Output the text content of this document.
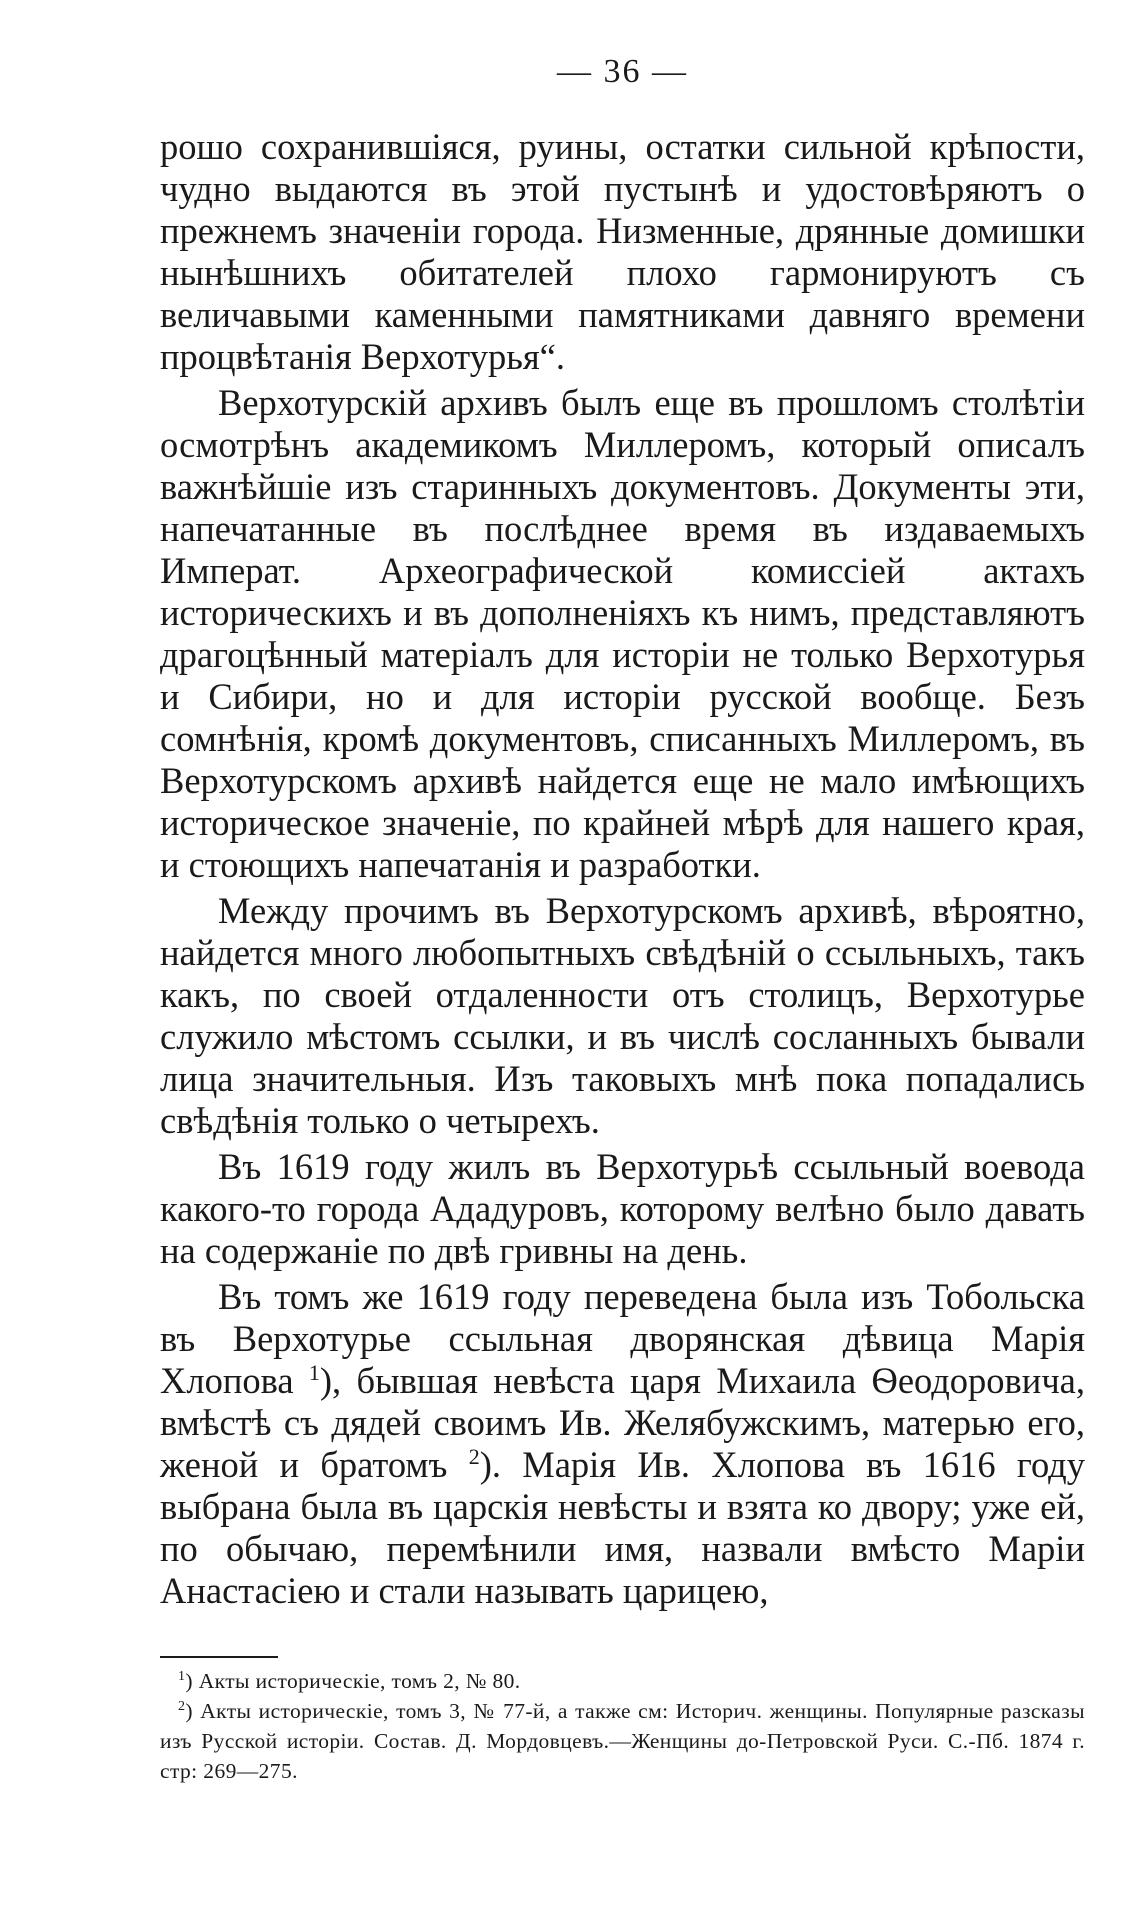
— 36 —

рошо сохранившіяся, руины, остатки сильной крѣпости, чудно выдаются въ этой пустынѣ и удостовѣряютъ о прежнемъ значеніи города. Низменные, дрянные домишки нынѣшнихъ обитателей плохо гармонируютъ съ величавыми каменными памятниками давняго времени процвѣтанія Верхотурья“.

Верхотурскій архивъ былъ еще въ прошломъ столѣтіи осмотрѣнъ академикомъ Миллеромъ, который описалъ важнѣйшіе изъ старинныхъ документовъ. Документы эти, напечатанные въ послѣднее время въ издаваемыхъ Императ. Археографической комиссіей актахъ историческихъ и въ дополненіяхъ къ нимъ, представляютъ драгоцѣнный матеріалъ для исторіи не только Верхотурья и Сибири, но и для исторіи русской вообще. Безъ сомнѣнія, кромѣ документовъ, списанныхъ Миллеромъ, въ Верхотурскомъ архивѣ найдется еще не мало имѣющихъ историческое значеніе, по крайней мѣрѣ для нашего края, и стоющихъ напечатанія и разработки.

Между прочимъ въ Верхотурскомъ архивѣ, вѣроятно, найдется много любопытныхъ свѣдѣній о ссыльныхъ, такъ какъ, по своей отдаленности отъ столицъ, Верхотурье служило мѣстомъ ссылки, и въ числѣ сосланныхъ бывали лица значительныя. Изъ таковыхъ мнѣ пока попадались свѣдѣнія только о четырехъ.

Въ 1619 году жилъ въ Верхотурьѣ ссыльный воевода какого-то города Ададуровъ, которому велѣно было давать на содержаніе по двѣ гривны на день.

Въ томъ же 1619 году переведена была изъ Тобольска въ Верхотурье ссыльная дворянская дѣвица Марія Хлопова $^1$), бывшая невѣста царя Михаила Ѳеодоровича, вмѣстѣ съ дядей своимъ Ив. Желябужскимъ, матерью его, женой и братомъ $^2$). Марія Ив. Хлопова въ 1616 году выбрана была въ царскія невѣсты и взята ко двору; уже ей, по обычаю, перемѣнили имя, назвали вмѣсто Маріи Анастасіею и стали называть царицею,

$^1$) Акты историческіе, томъ 2, № 80.

$^2$) Акты историческіе, томъ 3, № 77-й, а также см: Историч. женщины. Популярные разсказы изъ Русской исторіи. Состав. Д. Мордовцевъ.—Женщины до-Петровской Руси. С.-Пб. 1874 г. стр: 269—275.
